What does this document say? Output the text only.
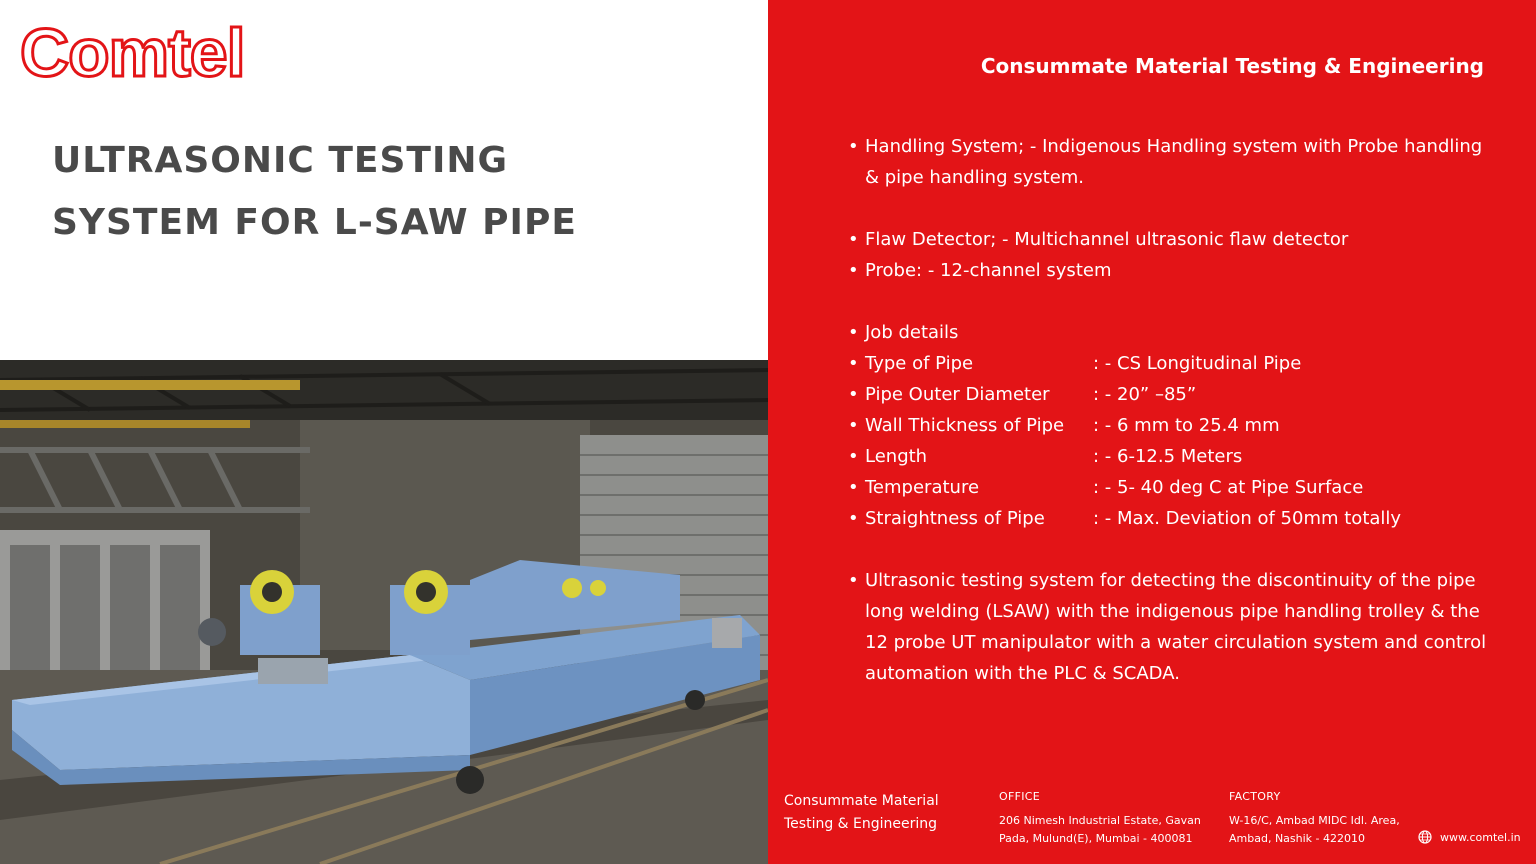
Comtel
ULTRASONIC TESTING
SYSTEM FOR L-SAW PIPE
Consummate Material Testing & Engineering
• Handling System; - Indigenous Handling system with Probe handling & pipe handling system.
• Flaw Detector; - Multichannel ultrasonic flaw detector
• Probe: - 12-channel system
• Job details
• Type of Pipe	: - CS Longitudinal Pipe
• Pipe Outer Diameter	: - 20” –85”
• Wall Thickness of Pipe	: - 6 mm to 25.4 mm
• Length	: - 6-12.5 Meters
• Temperature	: - 5- 40 deg C at Pipe Surface
• Straightness of Pipe	: - Max. Deviation of 50mm totally
• Ultrasonic testing system for detecting the discontinuity of the pipe long welding (LSAW) with the indigenous pipe handling trolley & the 12 probe UT manipulator with a water circulation system and control automation with the PLC & SCADA.
Consummate Material Testing & Engineering
OFFICE
206 Nimesh Industrial Estate, Gavan Pada, Mulund(E), Mumbai - 400081
FACTORY
W-16/C, Ambad MIDC Idl. Area, Ambad, Nashik - 422010	www.comtel.in
